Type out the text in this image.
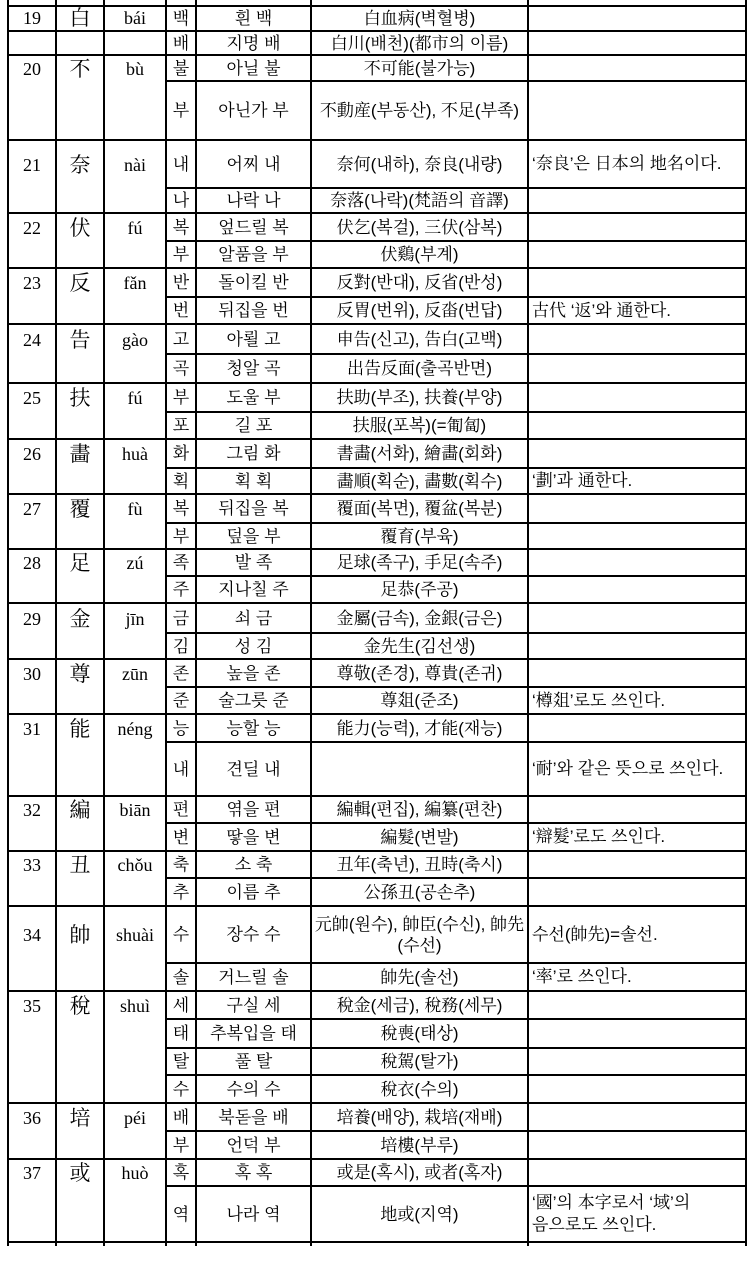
19	白	bái	백	흰 백	白血病(벽혈병)	
			배	지명 배	白川(배천)(都市의 이름)	
20	不	bù	불	아닐 불	不可能(불가능)	
			부	아닌가 부	不動産(부동산), 不足(부족)	
21	奈	nài	내	어찌 내	奈何(내하), 奈良(내량)	‘奈良’은 日本의 地名이다.
			나	나락 나	奈落(나락)(梵語의 音譯)	
22	伏	fú	복	엎드릴 복	伏乞(복걸), 三伏(삼복)	
			부	알품을 부	伏鷄(부계)	
23	反	fǎn	반	돌이킬 반	反對(반대), 反省(반성)	
			번	뒤집을 번	反胃(번위), 反畓(번답)	古代 ‘返’와 通한다.
24	告	gào	고	아뢸 고	申告(신고), 告白(고백)	
			곡	청알 곡	出告反面(출곡반면)	
25	扶	fú	부	도울 부	扶助(부조), 扶養(부양)	
			포	길 포	扶服(포복)(=匍匐)	
26	畵	huà	화	그림 화	書畵(서화), 繪畵(회화)	
			획	획 획	畵順(획순), 畵數(획수)	‘劃’과 通한다.
27	覆	fù	복	뒤집을 복	覆面(복면), 覆盆(복분)	
			부	덮을 부	覆育(부육)	
28	足	zú	족	발 족	足球(족구), 手足(속주)	
			주	지나칠 주	足恭(주공)	
29	金	jīn	금	쇠 금	金屬(금속), 金銀(금은)	
			김	성 김	金先生(김선생)	
30	尊	zūn	존	높을 존	尊敬(존경), 尊貴(존귀)	
			준	술그릇 준	尊爼(준조)	‘樽爼’로도 쓰인다.
31	能	néng	능	능할 능	能力(능력), 才能(재능)	
			내	견딜 내		‘耐’와 같은 뜻으로 쓰인다.
32	編	biān	편	엮을 편	編輯(편집), 編纂(편찬)	
			변	땋을 변	編髮(변발)	‘辯髮’로도 쓰인다.
33	丑	chǒu	축	소 축	丑年(축년), 丑時(축시)	
			추	이름 추	公孫丑(공손추)	
34	帥	shuài	수	장수 수	元帥(원수), 帥臣(수신), 帥先(수선)	수선(帥先)=솔선.
			솔	거느릴 솔	帥先(솔선)	‘率’로 쓰인다.
35	稅	shuì	세	구실 세	稅金(세금), 稅務(세무)	
			태	추복입을 태	稅喪(태상)	
			탈	풀 탈	稅駕(탈가)	
			수	수의 수	稅衣(수의)	
36	培	péi	배	북돋을 배	培養(배양), 栽培(재배)	
			부	언덕 부	培樓(부루)	
37	或	huò	혹	혹 혹	或是(혹시), 或者(혹자)	
			역	나라 역	地或(지역)	‘國’의 本字로서 ‘域’의 음으로도 쓰인다.
